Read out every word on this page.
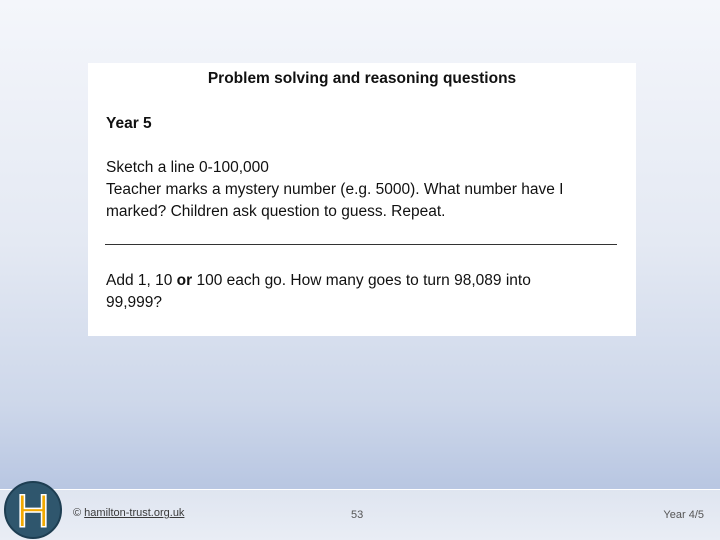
Problem solving and reasoning questions
Year 5
Sketch a line 0-100,000
Teacher marks a mystery number (e.g. 5000). What number have I
marked? Children ask question to guess. Repeat.
Add 1, 10 or 100 each go. How many goes to turn 98,089 into
99,999?
H © hamilton-trust.org.uk	53	Year 4/5
